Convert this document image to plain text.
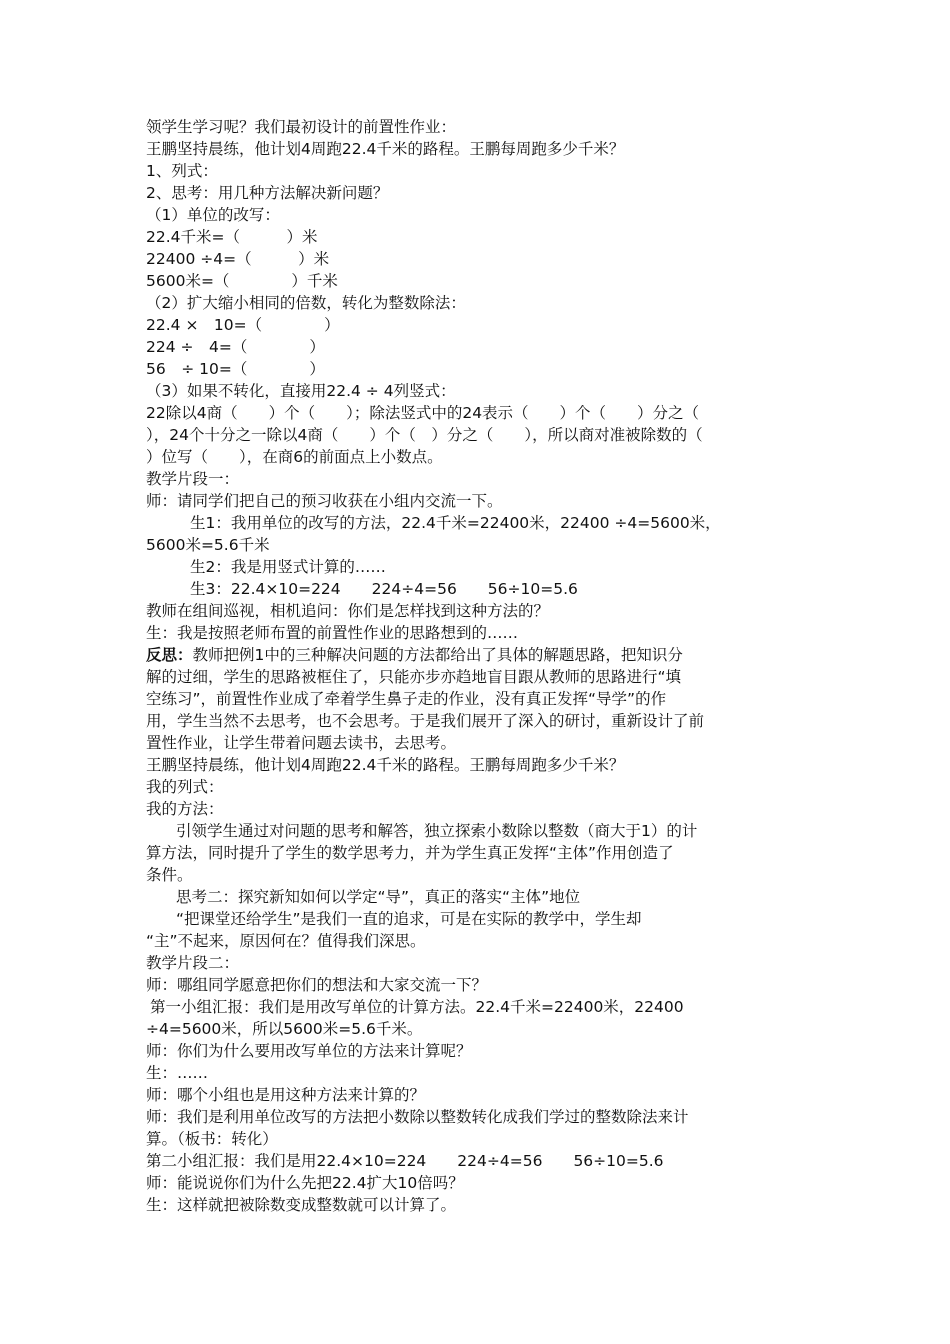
领学生学习呢？我们最初设计的前置性作业：
王鹏坚持晨练，他计划4周跑22.4千米的路程。王鹏每周跑多少千米？
1、列式：
2、思考：用几种方法解决新问题？
（1）单位的改写：
22.4千米=（　　　）米
22400 ÷4=（　　　）米
5600米=（　　　　）千米
（2）扩大缩小相同的倍数，转化为整数除法：
22.4 ×　10=（　　　　）
224 ÷　4=（　　　　）
56　÷ 10=（　　　　）
（3）如果不转化，直接用22.4 ÷ 4列竖式：
22除以4商（　　）个（　　）；除法竖式中的24表示（　　）个（　　）分之（
），24个十分之一除以4商（　　）个（　）分之（　　），所以商对准被除数的（
）位写（　　），在商6的前面点上小数点。
教学片段一：
师：请同学们把自己的预习收获在小组内交流一下。
生1：我用单位的改写的方法，22.4千米=22400米，22400 ÷4=5600米，
5600米=5.6千米
生2：我是用竖式计算的……
生3：22.4×10=224　　224÷4=56　　56÷10=5.6
教师在组间巡视，相机追问：你们是怎样找到这种方法的？
生：我是按照老师布置的前置性作业的思路想到的……
反思：教师把例1中的三种解决问题的方法都给出了具体的解题思路，把知识分
解的过细，学生的思路被框住了，只能亦步亦趋地盲目跟从教师的思路进行“填
空练习”，前置性作业成了牵着学生鼻子走的作业，没有真正发挥“导学”的作
用，学生当然不去思考，也不会思考。于是我们展开了深入的研讨，重新设计了前
置性作业，让学生带着问题去读书，去思考。
王鹏坚持晨练，他计划4周跑22.4千米的路程。王鹏每周跑多少千米？
我的列式：
我的方法：
引领学生通过对问题的思考和解答，独立探索小数除以整数（商大于1）的计
算方法，同时提升了学生的数学思考力，并为学生真正发挥“主体”作用创造了
条件。
思考二：探究新知如何以学定“导”，真正的落实“主体”地位
“把课堂还给学生”是我们一直的追求，可是在实际的教学中，学生却
“主”不起来，原因何在？值得我们深思。
教学片段二：
师：哪组同学愿意把你们的想法和大家交流一下？
第一小组汇报：我们是用改写单位的计算方法。22.4千米=22400米，22400
÷4=5600米，所以5600米=5.6千米。
师：你们为什么要用改写单位的方法来计算呢？
生：……
师：哪个小组也是用这种方法来计算的？
师：我们是利用单位改写的方法把小数除以整数转化成我们学过的整数除法来计
算。（板书：转化）
第二小组汇报：我们是用22.4×10=224　　224÷4=56　　56÷10=5.6
师：能说说你们为什么先把22.4扩大10倍吗？
生：这样就把被除数变成整数就可以计算了。
